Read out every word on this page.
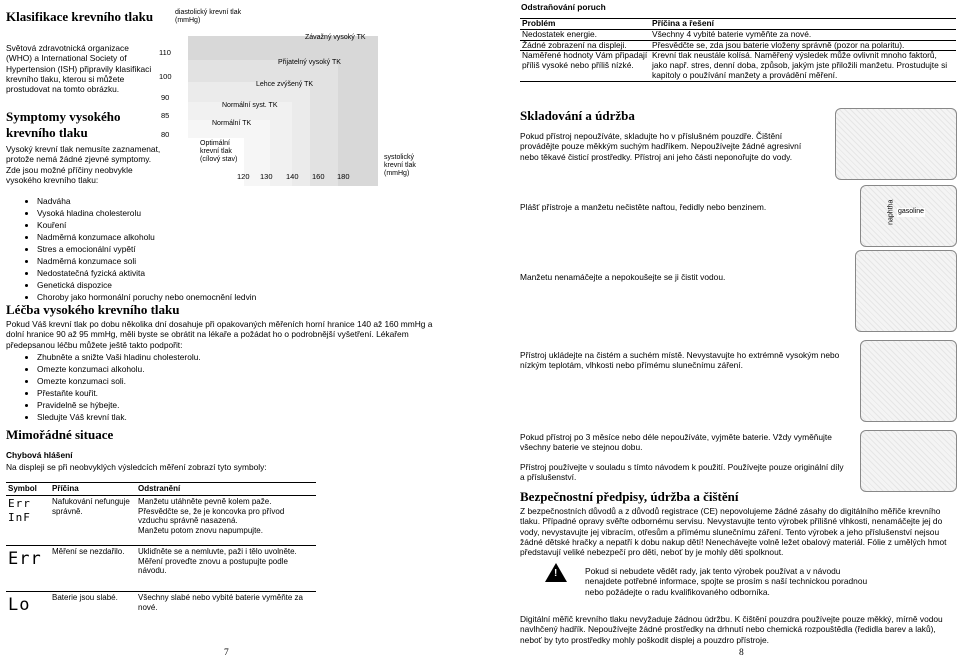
Klasifikace krevního tlaku

Světová zdravotnická organizace (WHO) a International Society of Hypertension (ISH) připravily klasifikaci krevního tlaku, kterou si můžete prostudovat na tomto obrázku.

diastolický krevní tlak (mmHg)
110
100
90
85
80
Závažný vysoký TK
Přijatelný vysoký TK
Lehce zvýšený TK
Normální syst. TK
Normální TK
Optimální krevní tlak (cílový stav)
120 130 140 160 180
systolický krevní tlak (mmHg)
Symptomy vysokého krevního tlaku

Vysoký krevní tlak nemusíte zaznamenat, protože nemá žádné zjevné symptomy. Zde jsou možné příčiny neobvykle vysokého krevního tlaku:

• Nadváha
• Vysoká hladina cholesterolu
• Kouření
• Nadměrná konzumace alkoholu
• Stres a emocionální vypětí
• Nadměrná konzumace soli
• Nedostatečná fyzická aktivita
• Genetická dispozice
• Choroby jako hormonální poruchy nebo onemocnění ledvin
Léčba vysokého krevního tlaku

Pokud Váš krevní tlak po dobu několika dní dosahuje při opakovaných měřeních horní hranice 140 až 160 mmHg a dolní hranice 90 až 95 mmHg, měli byste se obrátit na lékaře a požádat ho o podrobnější vyšetření. Lékařem předepsanou léčbu můžete ještě takto podpořit:

• Zhubněte a snižte Vaši hladinu cholesterolu.
• Omezte konzumaci alkoholu.
• Omezte konzumaci soli.
• Přestaňte kouřit.
• Pravidelně se hýbejte.
• Sledujte Váš krevní tlak.
Mimořádné situace
Chybová hlášení

Na displeji se při neobvyklých výsledcích měření zobrazí tyto symboly:

Symbol	Příčina	Odstranění
Err InF	Nafukování nefunguje správně.	Manžetu utáhněte pevně kolem paže.
Přesvědčte se, že je koncovka pro přívod vzduchu správně nasazená.
Manžetu potom znovu napumpujte.

Err	Měření se nezdařilo.	Ukliďněte se a nemluvte, paži i tělo uvolněte.
Měření proveďte znovu a postupujte podle návodu.

Lo	Baterie jsou slabé.	Všechny slabé nebo vybité baterie vyměňte za nové.
7
Odstraňování poruch
Problém	Příčina a řešení
Nedostatek energie.	Všechny 4 vybité baterie vyměňte za nové.
Žádné zobrazení na displeji.	Přesvědčte se, zda jsou baterie vloženy správně (pozor na polaritu).
Naměřené hodnoty Vám připadají příliš vysoké nebo příliš nízké.	Krevní tlak neustále kolísá. Naměřený výsledek může ovlivnit mnoho faktorů, jako např. stres, denní doba, způsob, jakým jste přiložili manžetu. Prostudujte si kapitoly o používání manžety a provádění měření.
Skladování a údržba

Pokud přístroj nepoužíváte, skladujte ho v příslušném pouzdře. Čištění provádějte pouze měkkým suchým hadříkem. Nepoužívejte žádné agresivní nebo těkavé čisticí prostředky. Přístroj ani jeho části neponořujte do vody.

naphtha gasoline

Plášť přístroje a manžetu nečistěte naftou, ředidly nebo benzinem.

Manžetu nenamáčejte a nepokoušejte se ji čistit vodou.

Přístroj ukládejte na čistém a suchém místě. Nevystavujte ho extrémně vysokým nebo nízkým teplotám, vlhkosti nebo přímému slunečnímu záření.

Pokud přístroj po 3 měsíce nebo déle nepoužíváte, vyjměte baterie. Vždy vyměňujte všechny baterie ve stejnou dobu.

Přístroj používejte v souladu s tímto návodem k použití. Používejte pouze originální díly a příslušenství.

Bezpečnostní předpisy, údržba a čištění

Z bezpečnostních důvodů a z důvodů registrace (CE) nepovolujeme žádné zásahy do digitálního měřiče krevního tlaku. Případné opravy svěřte odbornému servisu. Nevystavujte tento výrobek přílišné vlhkosti, nenamáčejte jej do vody, nevystavujte jej vibracím, otřesům a přímému slunečnímu záření. Tento výrobek a jeho příslušenství nejsou žádné dětské hračky a nepatří k dobu nakup dětí! Nenechávejte volně ležet obalový materiál. Fólie z umělých hmot představují veliké nebezpečí pro děti, neboť by je mohly děti spolknout.

!	Pokud si nebudete vědět rady, jak tento výrobek používat a v návodu nenajdete potřebné informace, spojte se prosím s naší technickou poradnou nebo požádejte o radu kvalifikovaného odborníka.

Digitální měřič krevního tlaku nevyžaduje žádnou údržbu. K čištění pouzdra používejte pouze měkký, mírně vodou navlhčený hadřík. Nepoužívejte žádné prostředky na drhnutí nebo chemická rozpouštědla (ředidla barev a laků), neboť by tyto prostředky mohly poškodit displej a pouzdro přístroje.

8
